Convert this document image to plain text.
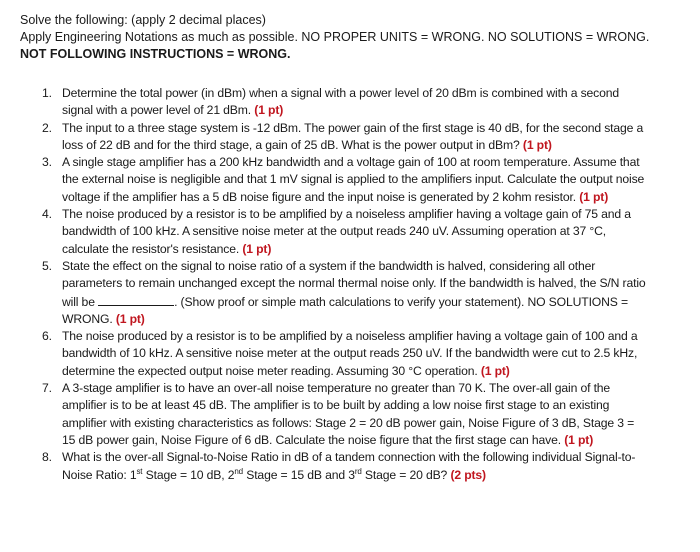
Solve the following: (apply 2 decimal places)

Apply Engineering Notations as much as possible. NO PROPER UNITS = WRONG. NO SOLUTIONS = WRONG.

NOT FOLLOWING INSTRUCTIONS = WRONG.

1. Determine the total power (in dBm) when a signal with a power level of 20 dBm is combined with a second
signal with a power level of 21 dBm. (1 pt)
2. The input to a three stage system is -12 dBm. The power gain of the first stage is 40 dB, for the second stage a
loss of 22 dB and for the third stage, a gain of 25 dB. What is the power output in dBm? (1 pt)
3. A single stage amplifier has a 200 kHz bandwidth and a voltage gain of 100 at room temperature. Assume that
the external noise is negligible and that 1 mV signal is applied to the amplifiers input. Calculate the output noise
voltage if the amplifier has a 5 dB noise figure and the input noise is generated by 2 kohm resistor. (1 pt)
4. The noise produced by a resistor is to be amplified by a noiseless amplifier having a voltage gain of 75 and a
bandwidth of 100 kHz. A sensitive noise meter at the output reads 240 uV. Assuming operation at 37 °C,
calculate the resistor's resistance. (1 pt)
5. State the effect on the signal to noise ratio of a system if the bandwidth is halved, considering all other
parameters to remain unchanged except the normal thermal noise only. If the bandwidth is halved, the S/N ratio
will be	. (Show proof or simple math calculations to verify your statement). NO SOLUTIONS =
WRONG. (1 pt)
6. The noise produced by a resistor is to be amplified by a noiseless amplifier having a voltage gain of 100 and a
bandwidth of 10 kHz. A sensitive noise meter at the output reads 250 uV. If the bandwidth were cut to 2.5 kHz,
determine the expected output noise meter reading. Assuming 30 °C operation. (1 pt)
7. A 3-stage amplifier is to have an over-all noise temperature no greater than 70 K. The over-all gain of the
amplifier is to be at least 45 dB. The amplifier is to be built by adding a low noise first stage to an existing
amplifier with existing characteristics as follows: Stage 2 = 20 dB power gain, Noise Figure of 3 dB, Stage 3 =
15 dB power gain, Noise Figure of 6 dB. Calculate the noise figure that the first stage can have. (1 pt)
8. What is the over-all Signal-to-Noise Ratio in dB of a tandem connection with the following individual Signal-to-
Noise Ratio: 1st Stage = 10 dB, 2nd Stage = 15 dB and 3rd Stage = 20 dB? (2 pts)
